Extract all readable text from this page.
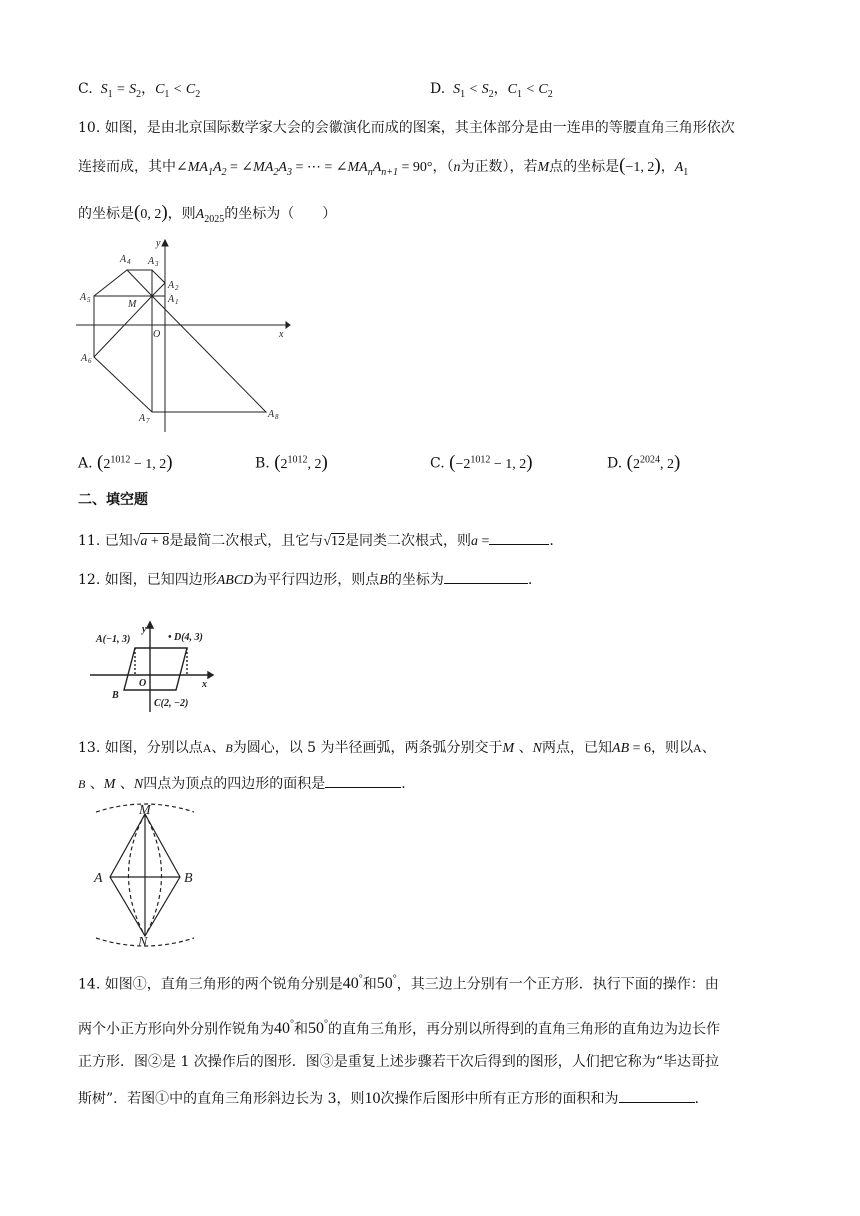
C.  $S_1 = S_2$，$C_1 < C_2$	D.  $S_1 < S_2$，$C_1 < C_2$
10. 如图，是由北京国际数学家大会的会徽演化而成的图案，其主体部分是由一连串的等腰直角三角形依次
连接而成，其中$\angle MA_1A_2$ = $\angle MA_2A_3$ = ⋯ = $\angle MA_nA_{n+1} = 90^\circ$，（n为正数），若M点的坐标是(−1, 2)，$A_1$
的坐标是(0, 2)，则$A_{2025}$的坐标为（　　）
A 4 A 3
A 2
A 1
A 5
A 6
A 7
A 8
M
O	x
y
A. ($2^{1012} - 1$, 2)	B. ($2^{1012}$, 2)	C. ($-2^{1012} - 1$, 2)	D. ($2^{2024}$, 2)
二、填空题
11. 已知√a + 8是最简二次根式，且它与√12是同类二次根式，则a =	.
12. 如图，已知四边形ABCD为平行四边形，则点B的坐标为	.
A(−1, 3)	• D(4, 3)
B
C(2, −2)
O	x
y
13. 如图，分别以点A、B为圆心，以 5 为半径画弧，两条弧分别交于M 、N两点，已知AB = 6，则以A、
B 、M 、N四点为顶点的四边形的面积是	.
M
N
A	B
14. 如图①，直角三角形的两个锐角分别是40°和50°，其三边上分别有一个正方形．执行下面的操作：由
两个小正方形向外分别作锐角为40°和50°的直角三角形，再分别以所得到的直角三角形的直角边为边长作
正方形．图②是 1 次操作后的图形．图③是重复上述步骤若干次后得到的图形，人们把它称为“毕达哥拉
斯树”．若图①中的直角三角形斜边长为 3，则10次操作后图形中所有正方形的面积和为	.
